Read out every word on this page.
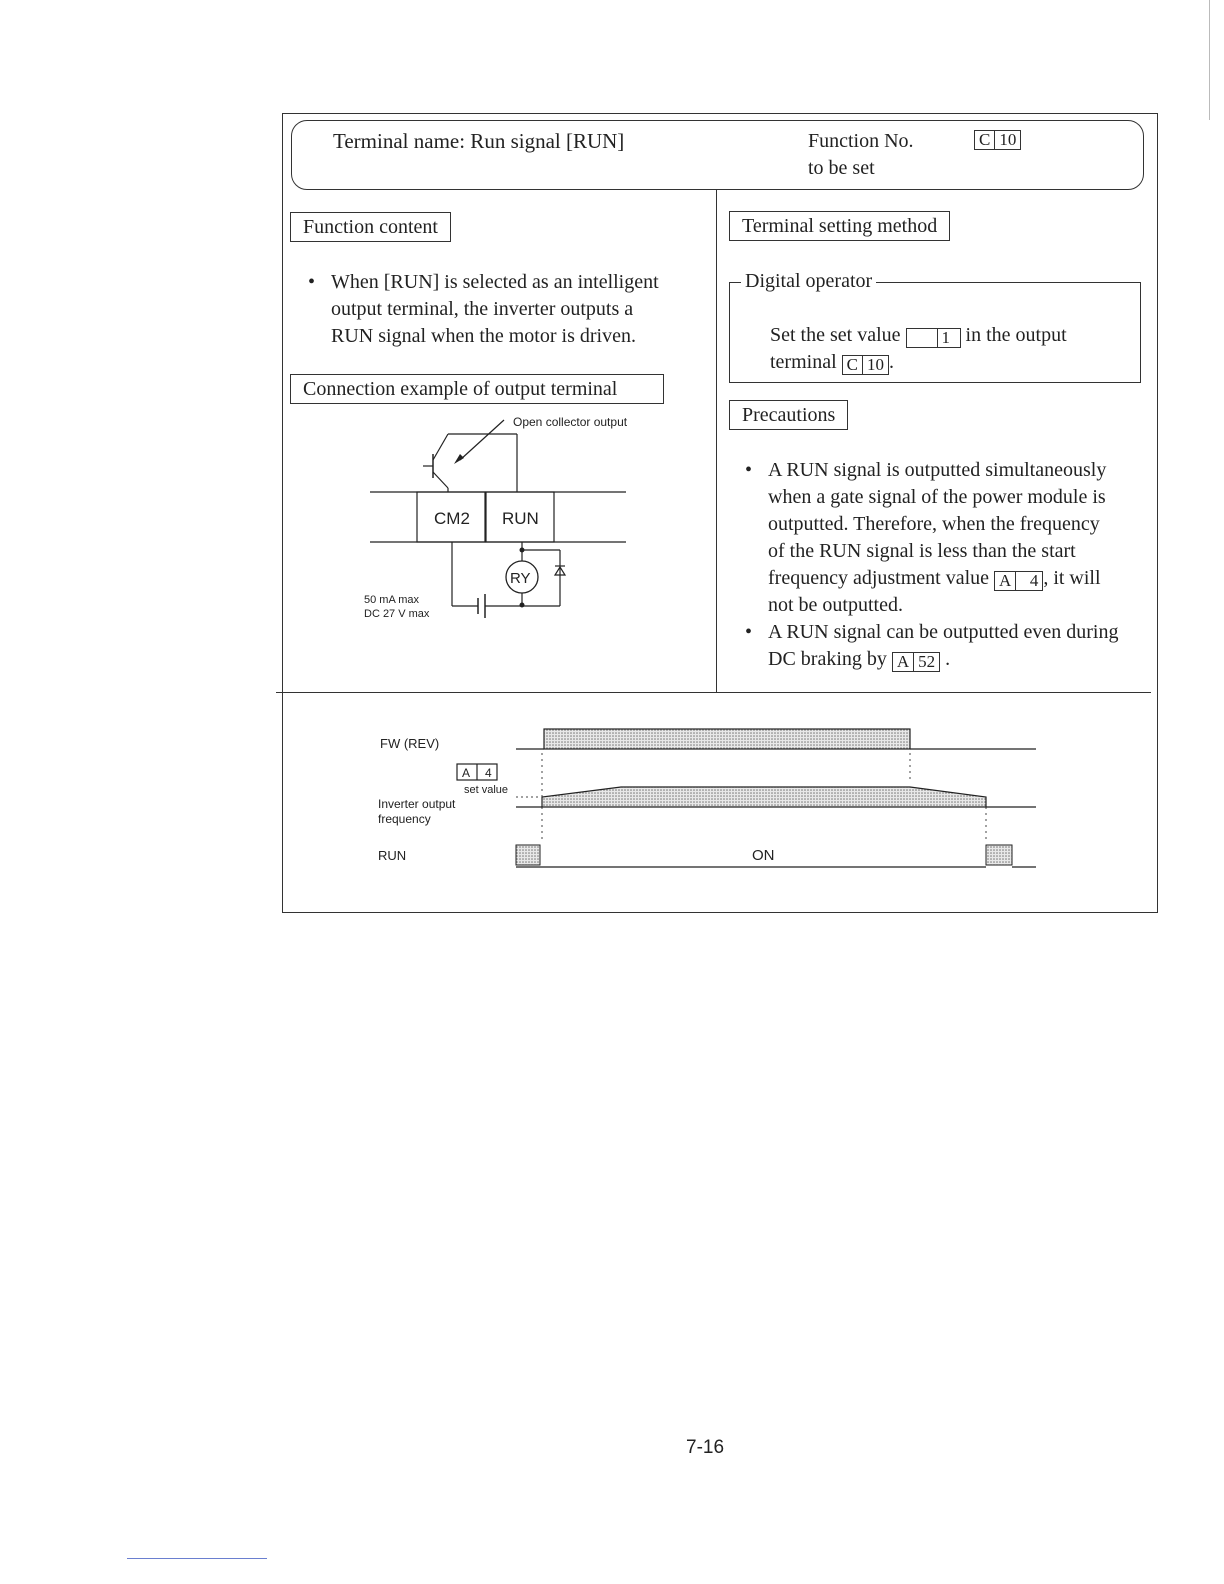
Terminal name: Run signal [RUN]	Function No.
to be set
C 10
Function content
• When [RUN] is selected as an intelligent
output terminal, the inverter outputs a
RUN signal when the motor is driven.
Connection example of output terminal
Open collector output
CM2 RUN
RY
50 mA max
DC 27 V max
Terminal setting method
Digital operator
Set the set value 1 in the output
terminal C 10 .
Precautions
• A RUN signal is outputted simultaneously
when a gate signal of the power module is
outputted. Therefore, when the frequency
of the RUN signal is less than the start
frequency adjustment value A 4 , it will
not be outputted.
• A RUN signal can be outputted even during
DC braking by A 52 .
FW (REV)
A 4
set value
Inverter output
frequency
RUN	ON
7-16
